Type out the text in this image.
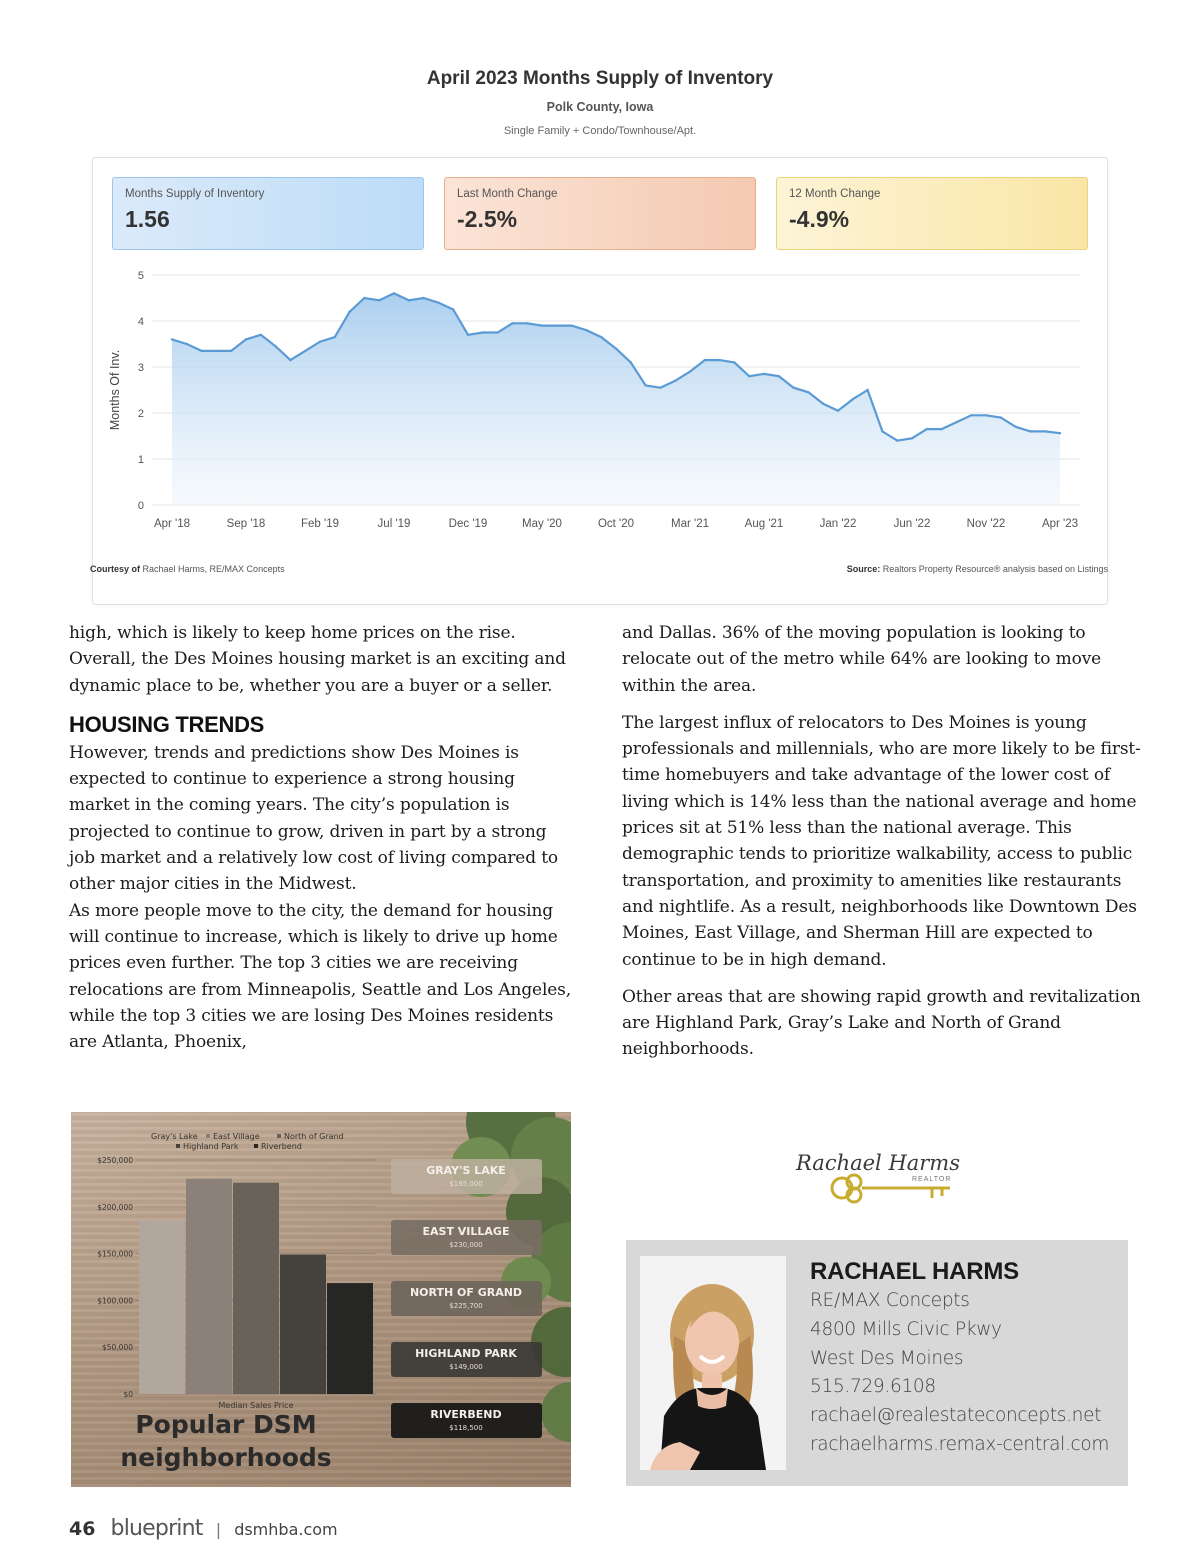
April 2023 Months Supply of Inventory
Polk County, Iowa
Single Family + Condo/Townhouse/Apt.
Months Supply of Inventory
1.56
Last Month Change
-2.5%
12 Month Change
-4.9%
0
1
2
3
4
5
Apr '18	Sep '18	Feb '19	Jul '19	Dec '19	May '20	Oct '20	Mar '21	Aug '21	Jan '22	Jun '22	Nov '22	Apr '23
Months Of Inv.
Courtesy of Rachael Harms, RE/MAX Concepts	Source: Realtors Property Resource® analysis based on Listings

high, which is likely to keep home prices on the rise. Overall, the Des Moines housing market is an exciting and dynamic place to be, whether you are a buyer or a seller.

HOUSING TRENDS

However, trends and predictions show Des Moines is expected to continue to experience a strong housing market in the coming years. The city’s population is projected to continue to grow, driven in part by a strong job market and a relatively low cost of living compared to other major cities in the Midwest.

As more people move to the city, the demand for housing will continue to increase, which is likely to drive up home prices even further. The top 3 cities we are receiving relocations are from Minneapolis, Seattle and Los Angeles, while the top 3 cities we are losing Des Moines residents are Atlanta, Phoenix,

and Dallas. 36% of the moving population is looking to relocate out of the metro while 64% are looking to move within the area.

The largest influx of relocators to Des Moines is young professionals and millennials, who are more likely to be first-time homebuyers and take advantage of the lower cost of living which is 14% less than the national average and home prices sit at 51% less than the national average. This demographic tends to prioritize walkability, access to public transportation, and proximity to amenities like restaurants and nightlife. As a result, neighborhoods like Downtown Des Moines, East Village, and Sherman Hill are expected to continue to be in high demand.

Other areas that are showing rapid growth and revitalization are Highland Park, Gray’s Lake and North of Grand neighborhoods.

$0
$50,000
$100,000
$150,000
$200,000
$250,000
Gray's Lake East Village	North of Grand
Highland Park	Riverbend
GRAY'S LAKE
$185,000
EAST VILLAGE
$230,000
NORTH OF GRAND
$225,700
HIGHLAND PARK
$149,000
RIVERBEND
$118,500
Median Sales Price
Popular DSM
neighborhoods
Rachael Harms
REALTOR
RACHAEL HARMS
RE/MAX Concepts
4800 Mills Civic Pkwy
West Des Moines
515.729.6108
rachael@realestateconcepts.net
rachaelharms.remax-central.com
46 blueprint | dsmhba.com
